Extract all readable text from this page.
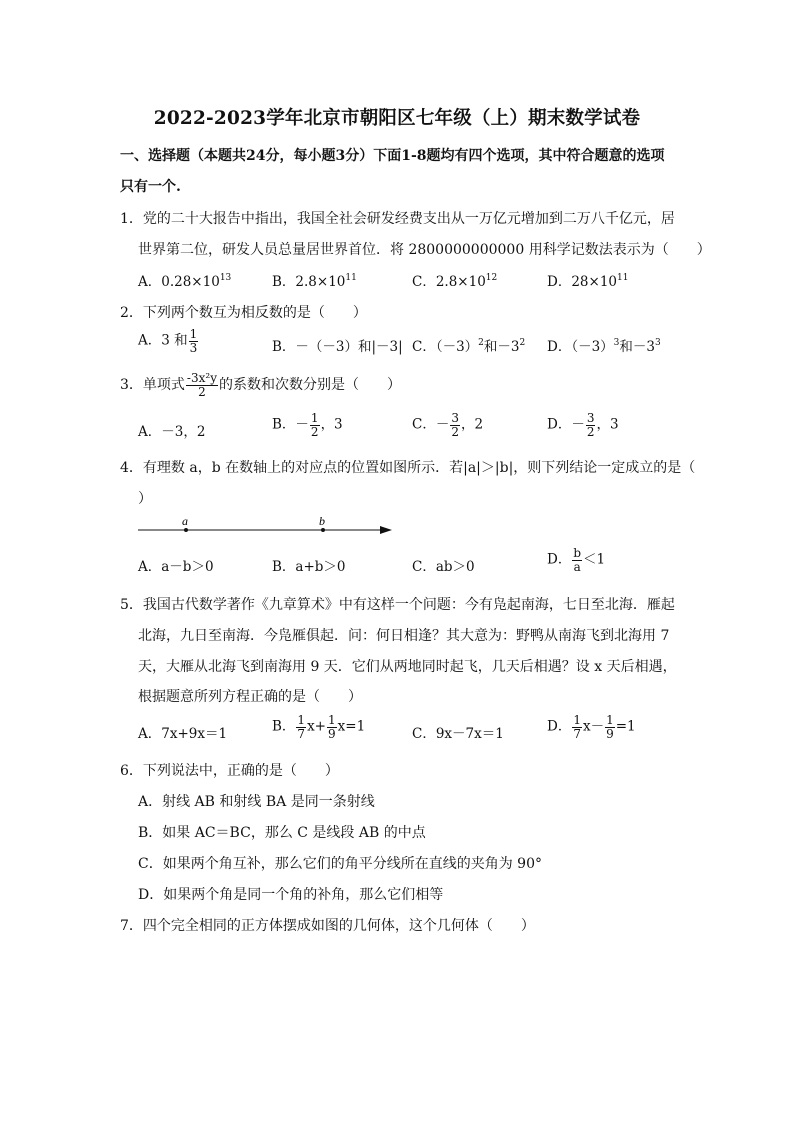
2022-2023学年北京市朝阳区七年级（上）期末数学试卷
一、选择题（本题共24分，每小题3分）下面1-8题均有四个选项，其中符合题意的选项
只有一个.
1．党的二十大报告中指出，我国全社会研发经费支出从一万亿元增加到二万八千亿元，居
世界第二位，研发人员总量居世界首位．将 2800000000000 用科学记数法表示为（　　）
A．$0.28\times 10^{13}$	B．$2.8\times 10^{11}$	C．$2.8\times 10^{12}$	D．$28\times 10^{11}$
2．下列两个数互为相反数的是（　　）
A．3 和 $\frac{1}{3}$	B．－（－3）和|－3| C．$(-3)^2$和$-3^2$ D．$(-3)^3$和$-3^3$
3．单项式 $\frac{\text{-3x²y}}{2}$ 的系数和次数分别是（　　）
A．－3，2	B．－ $\frac{1}{2}$ ，3	C．－ $\frac{3}{2}$ ，2	D．－ $\frac{3}{2}$ ，3
4．有理数 a，b 在数轴上的对应点的位置如图所示．若|a|＞|b|，则下列结论一定成立的是（
）
a	b
A．a－b＞0	B．a+b＞0	C．ab＞0	D． $\frac{b}{a} <1$
5．我国古代数学著作《九章算术》中有这样一个问题：今有凫起南海，七日至北海．雁起
北海，九日至南海．今凫雁俱起．问：何日相逢？其大意为：野鸭从南海飞到北海用 7
天，大雁从北海飞到南海用 9 天．它们从两地同时起飞，几天后相遇？设 x 天后相遇，
根据题意所列方程正确的是（　　）
A．7x+9x＝1	B． $\frac{1}{7} x+ \frac{1}{9} x=1$	C．9x－7x＝1	D． $\frac{1}{7} x- \frac{1}{9} =1$
6．下列说法中，正确的是（　　）
A．射线 AB 和射线 BA 是同一条射线
B．如果 AC＝BC，那么 C 是线段 AB 的中点
C．如果两个角互补，那么它们的角平分线所在直线的夹角为 90°
D．如果两个角是同一个角的补角，那么它们相等
7．四个完全相同的正方体摆成如图的几何体，这个几何体（　　）
